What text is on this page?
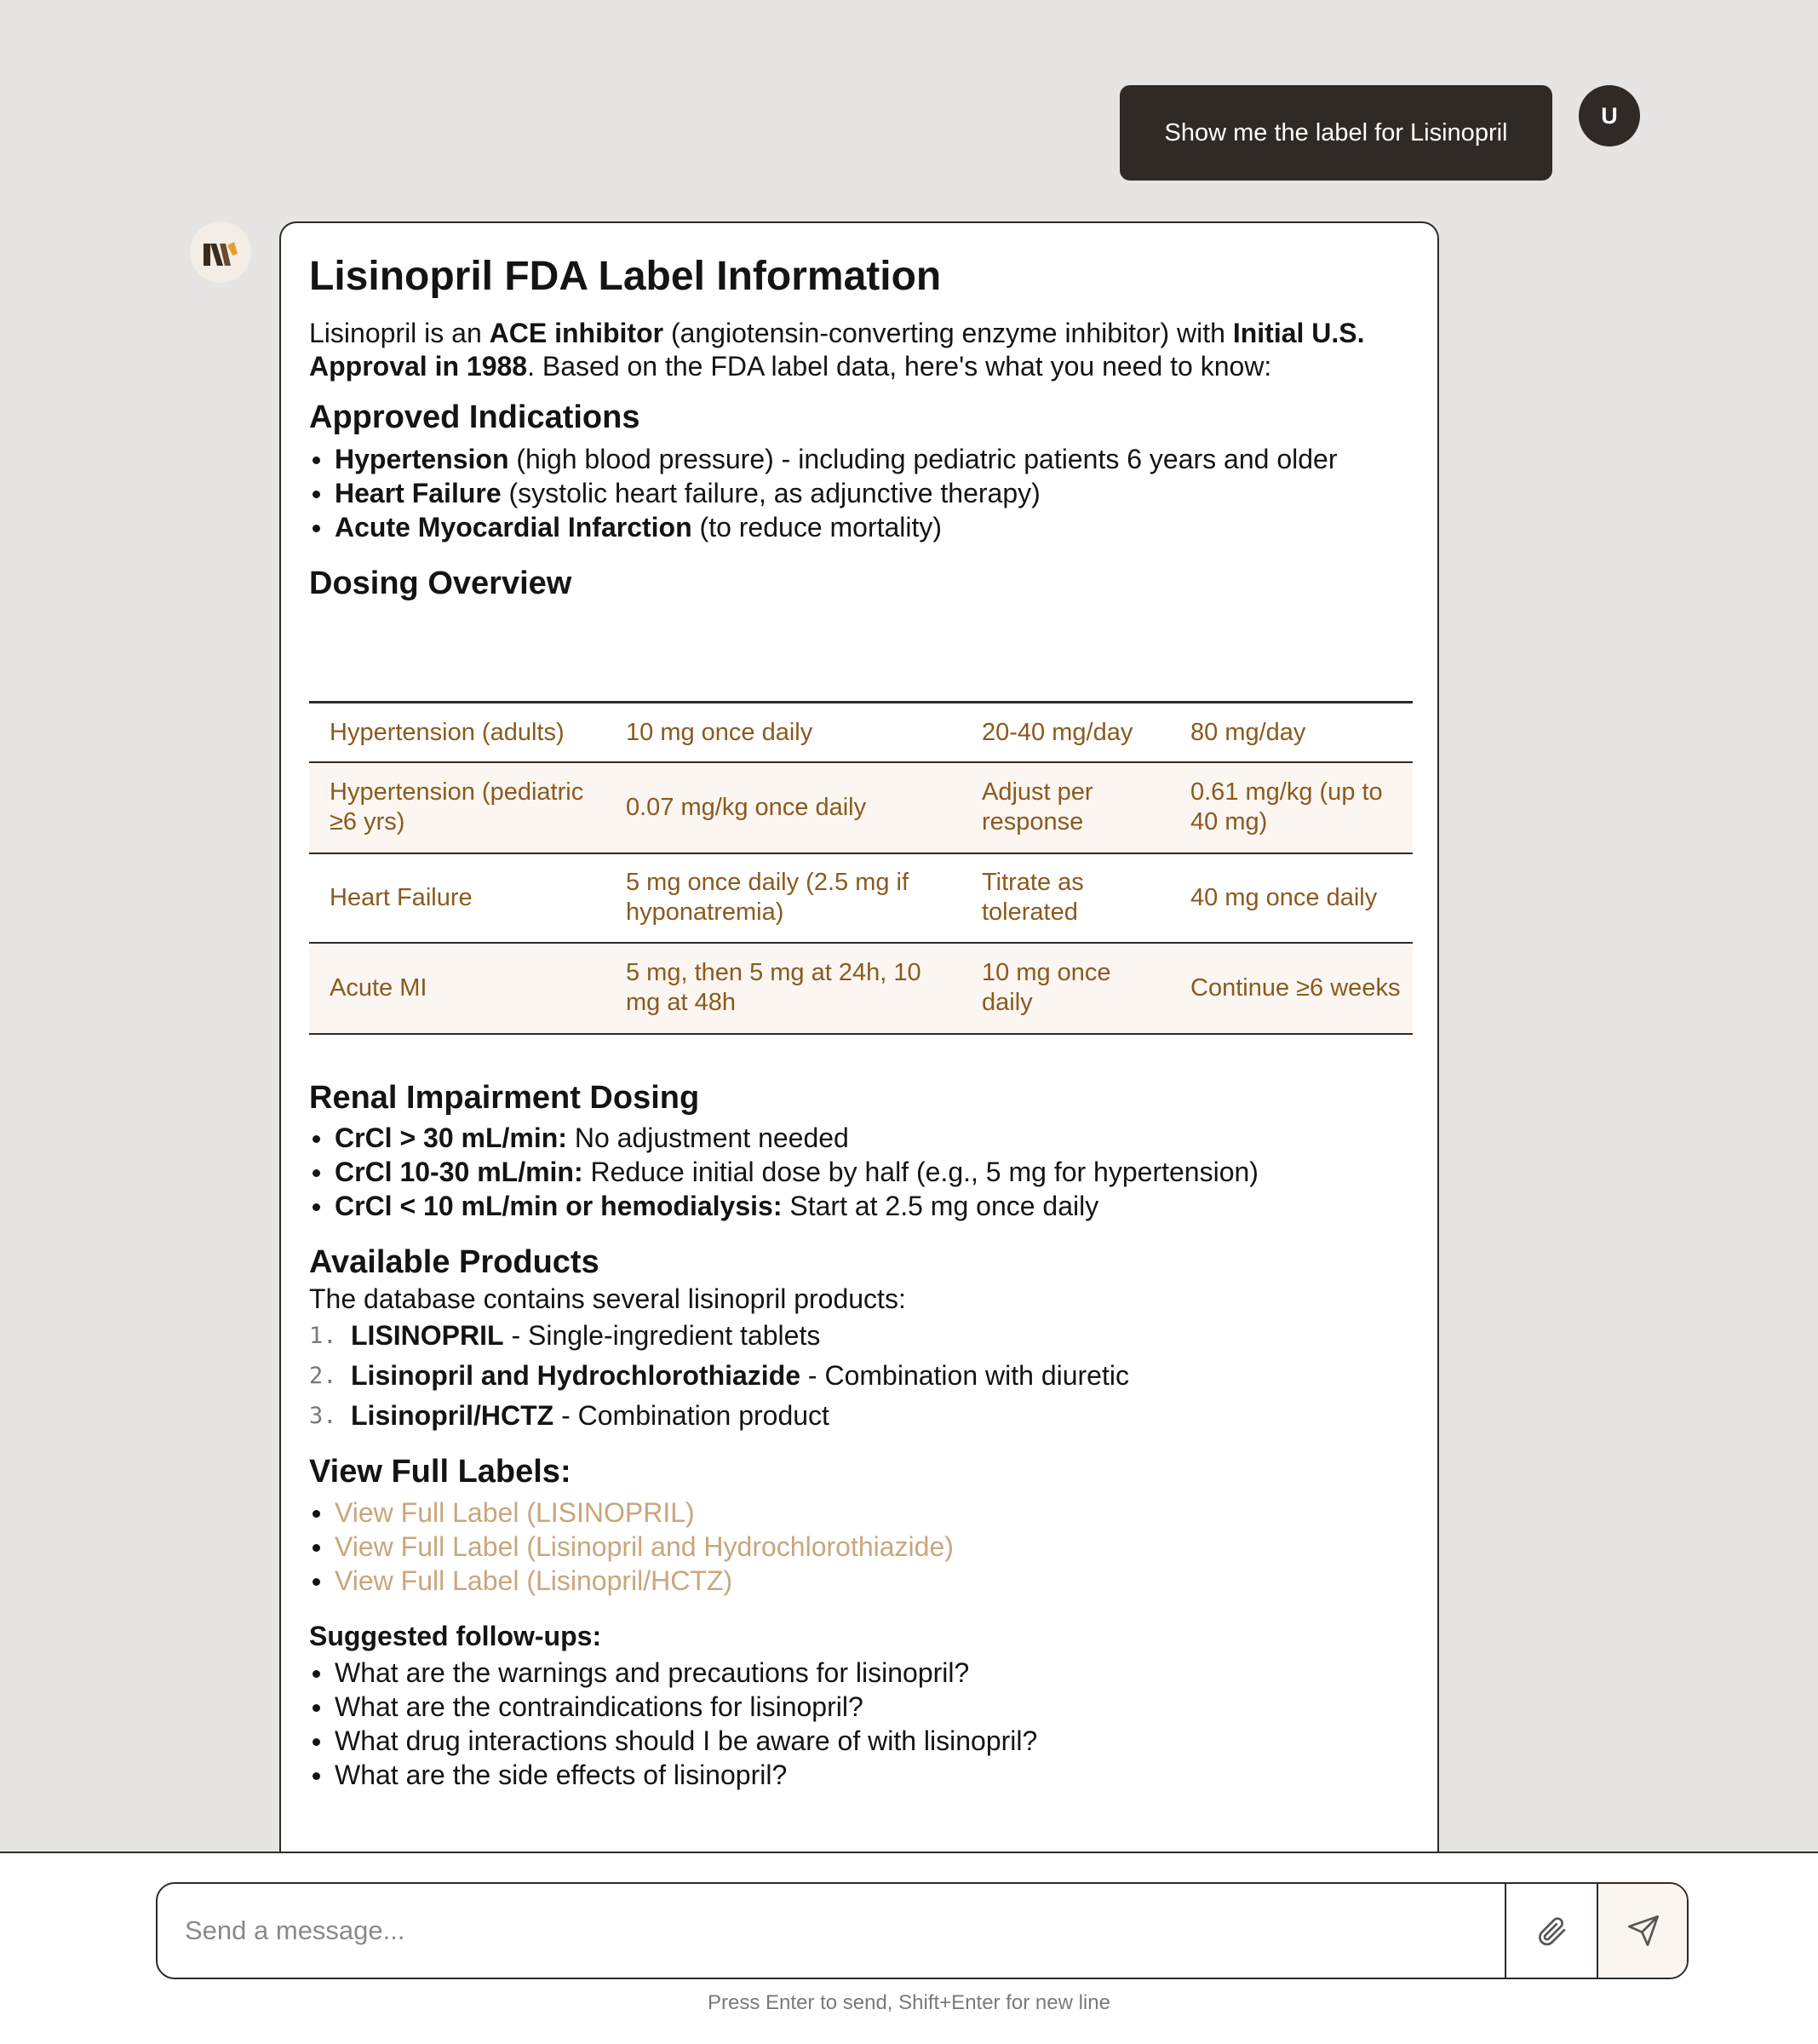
Show me the label for Lisinopril
U
Lisinopril FDA Label Information

Lisinopril is an ACE inhibitor (angiotensin-converting enzyme inhibitor) with Initial U.S. Approval in 1988. Based on the FDA label data, here's what you need to know:

Approved Indications
Hypertension (high blood pressure) - including pediatric patients 6 years and older
Heart Failure (systolic heart failure, as adjunctive therapy)
Acute Myocardial Infarction (to reduce mortality)
Dosing Overview
Indication	Initial Dose	Usual Range	Maximum
Hypertension (adults)	10 mg once daily	20-40 mg/day	80 mg/day
Hypertension (pediatric ≥6 yrs)	0.07 mg/kg once daily	Adjust per response	0.61 mg/kg (up to 40 mg)
Heart Failure	5 mg once daily (2.5 mg if hyponatremia)	Titrate as tolerated	40 mg once daily
Acute MI	5 mg, then 5 mg at 24h, 10 mg at 48h	10 mg once daily	Continue ≥6 weeks
Renal Impairment Dosing
CrCl > 30 mL/min: No adjustment needed
CrCl 10-30 mL/min: Reduce initial dose by half (e.g., 5 mg for hypertension)
CrCl < 10 mL/min or hemodialysis: Start at 2.5 mg once daily
Available Products

The database contains several lisinopril products:

1. LISINOPRIL - Single-ingredient tablets
2. Lisinopril and Hydrochlorothiazide - Combination with diuretic
3. Lisinopril/HCTZ - Combination product
View Full Labels:
View Full Label (LISINOPRIL)
View Full Label (Lisinopril and Hydrochlorothiazide)
View Full Label (Lisinopril/HCTZ)
Suggested follow-ups:
What are the warnings and precautions for lisinopril?
What are the contraindications for lisinopril?
What drug interactions should I be aware of with lisinopril?
What are the side effects of lisinopril?
Send a message...
Press Enter to send, Shift+Enter for new line
